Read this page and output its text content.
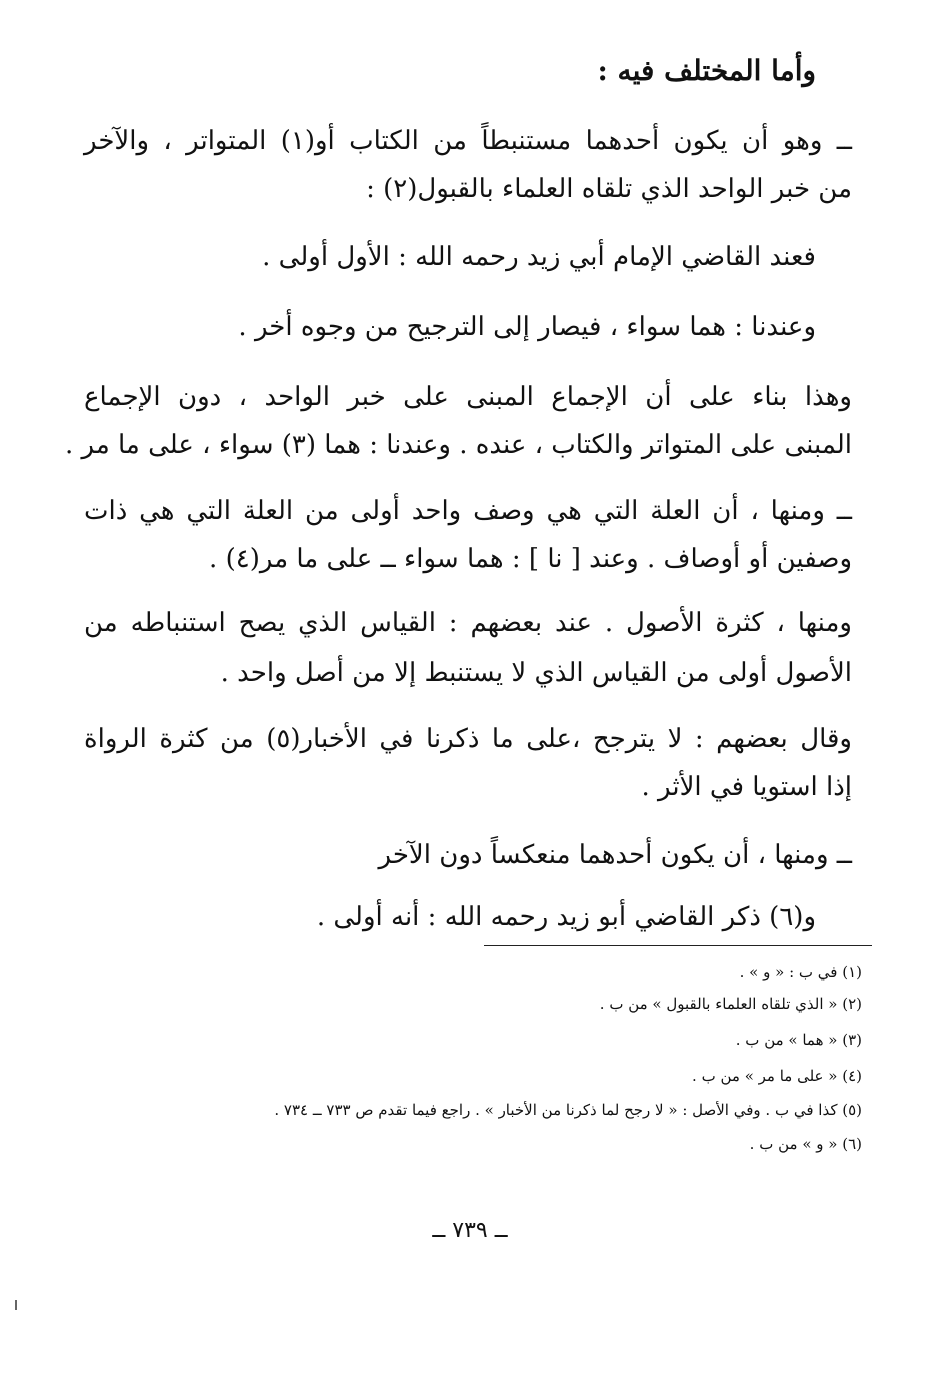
وأما المختلف فيه :
ــ وهو أن يكون أحدهما مستنبطاً من الكتاب أو(١) المتواتر ، والآخر
من خبر الواحد الذي تلقاه العلماء بالقبول(٢) :
فعند القاضي الإمام أبي زيد رحمه الله : الأول أولى .
وعندنا : هما سواء ، فيصار إلى الترجيح من وجوه أخر .
وهذا بناء على أن الإجماع المبنى على خبر الواحد ، دون الإجماع
المبنى على المتواتر والكتاب ، عنده . وعندنا : هما (٣) سواء ، على ما مر .
ــ ومنها ، أن العلة التي هي وصف واحد أولى من العلة التي هي ذات
وصفين أو أوصاف . وعند [ نا ] : هما سواء ــ على ما مر(٤) .
ومنها ، كثرة الأصول . عند بعضهم : القياس الذي يصح استنباطه من
الأصول أولى من القياس الذي لا يستنبط إلا من أصل واحد .
وقال بعضهم : لا يترجح ،على ما ذكرنا في الأخبار(٥) من كثرة الرواة
إذا استويا في الأثر .
ــ ومنها ، أن يكون أحدهما منعكساً دون الآخر
و(٦) ذكر القاضي أبو زيد رحمه الله : أنه أولى .
(١) في ب : « و » .
(٢) « الذي تلقاه العلماء بالقبول » من ب .
(٣) « هما » من ب .
(٤) « على ما مر » من ب .
(٥) كذا في ب . وفي الأصل : « لا رجح لما ذكرنا من الأخبار » . راجع فيما تقدم ص ٧٣٣ ــ ٧٣٤ .
(٦) « و » من ب .
ــ ٧٣٩ ــ
